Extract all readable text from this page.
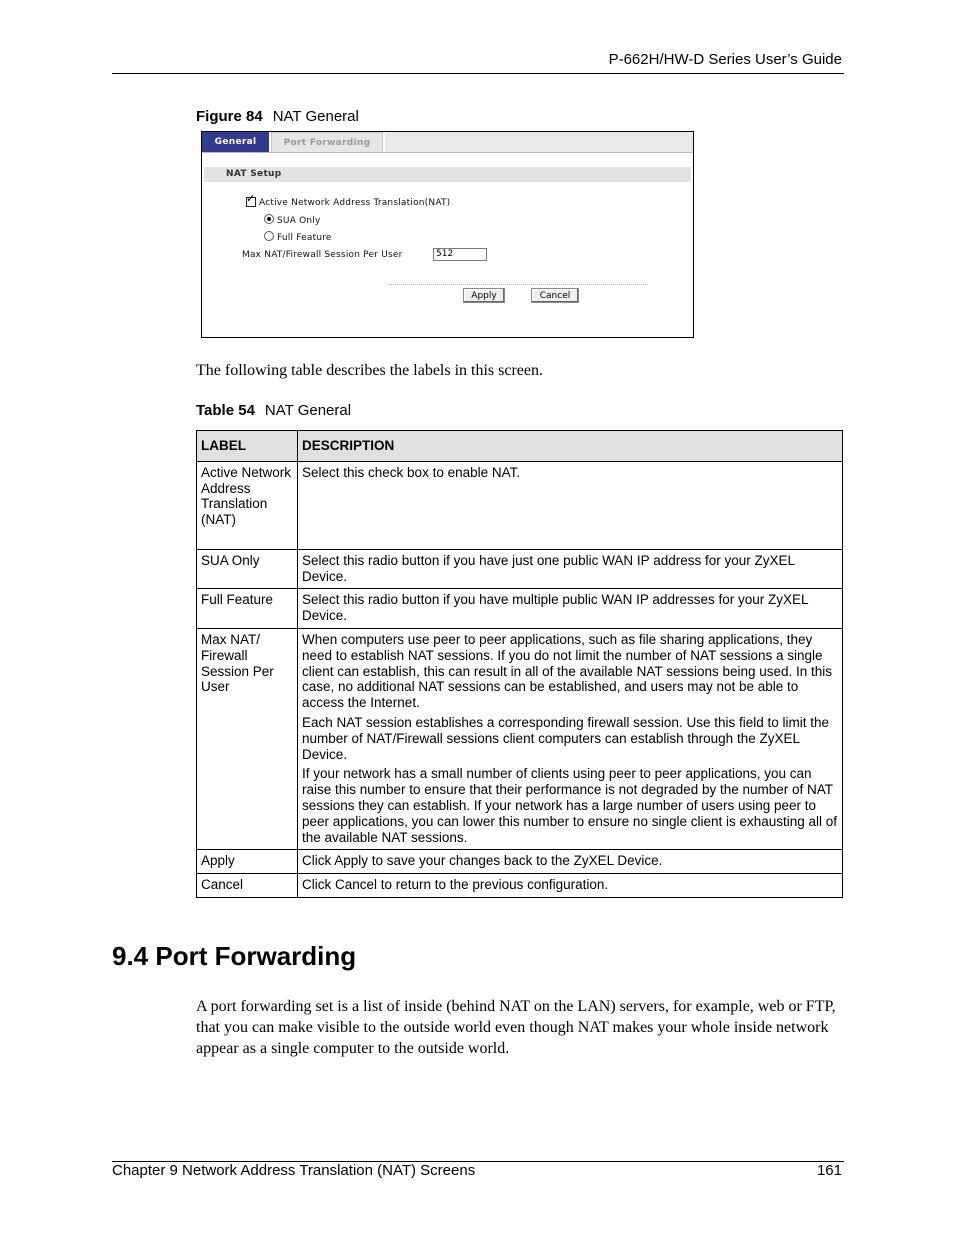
P-662H/HW-D Series User’s Guide
Figure 84 NAT General
General	Port Forwarding
NAT Setup
✓ Active Network Address Translation(NAT)
SUA Only
Full Feature
Max NAT/Firewall Session Per User	512
Apply	Cancel
The following table describes the labels in this screen.
Table 54 NAT General
LABEL	DESCRIPTION
Active Network Address Translation (NAT)	Select this check box to enable NAT.

SUA Only	Select this radio button if you have just one public WAN IP address for your ZyXEL Device.

Full Feature	Select this radio button if you have multiple public WAN IP addresses for your ZyXEL Device.

Max NAT/ Firewall Session Per User	When computers use peer to peer applications, such as file sharing applications, they need to establish NAT sessions. If you do not limit the number of NAT sessions a single client can establish, this can result in all of the available NAT sessions being used. In this case, no additional NAT sessions can be established, and users may not be able to access the Internet.

Each NAT session establishes a corresponding firewall session. Use this field to limit the number of NAT/Firewall sessions client computers can establish through the ZyXEL Device.

If your network has a small number of clients using peer to peer applications, you can raise this number to ensure that their performance is not degraded by the number of NAT sessions they can establish. If your network has a large number of users using peer to peer applications, you can lower this number to ensure no single client is exhausting all of the available NAT sessions.

Apply	Click Apply to save your changes back to the ZyXEL Device.

Cancel	Click Cancel to return to the previous configuration.

9.4 Port Forwarding
A port forwarding set is a list of inside (behind NAT on the LAN) servers, for example, web or FTP, that you can make visible to the outside world even though NAT makes your whole inside network appear as a single computer to the outside world.
Chapter 9 Network Address Translation (NAT) Screens	161
